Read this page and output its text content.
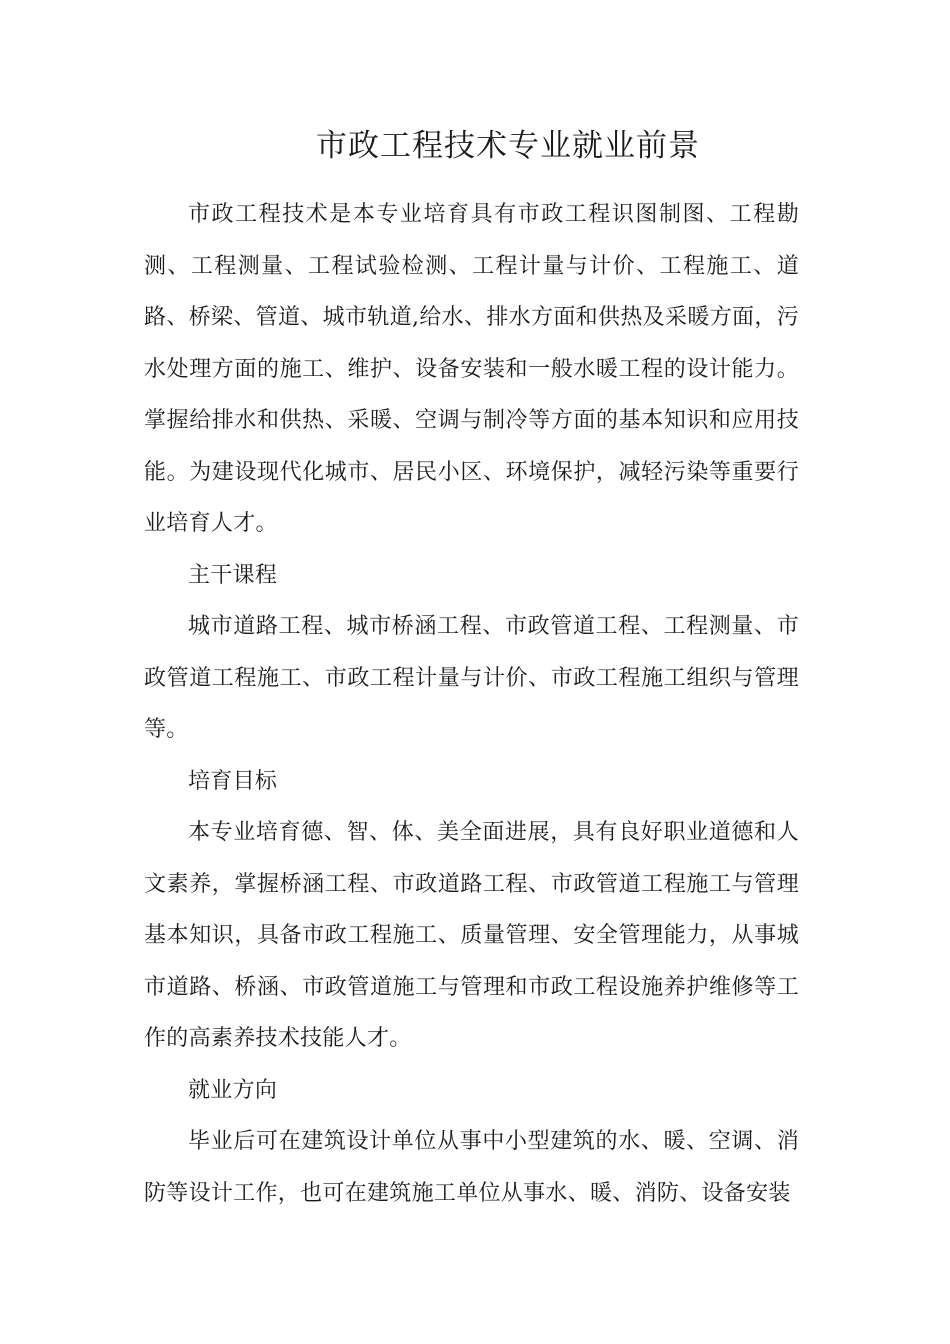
市政工程技术专业就业前景

市政工程技术是本专业培育具有市政工程识图制图、工程勘测、工程测量、工程试验检测、工程计量与计价、工程施工、道路、桥梁、管道、城市轨道,给水、排水方面和供热及采暖方面，污水处理方面的施工、维护、设备安装和一般水暖工程的设计能力。掌握给排水和供热、采暖、空调与制冷等方面的基本知识和应用技能。为建设现代化城市、居民小区、环境保护，减轻污染等重要行业培育人才。

主干课程

城市道路工程、城市桥涵工程、市政管道工程、工程测量、市政管道工程施工、市政工程计量与计价、市政工程施工组织与管理等。

培育目标

本专业培育德、智、体、美全面进展，具有良好职业道德和人文素养，掌握桥涵工程、市政道路工程、市政管道工程施工与管理基本知识，具备市政工程施工、质量管理、安全管理能力，从事城市道路、桥涵、市政管道施工与管理和市政工程设施养护维修等工作的高素养技术技能人才。

就业方向

毕业后可在建筑设计单位从事中小型建筑的水、暖、空调、消防等设计工作，也可在建筑施工单位从事水、暖、消防、设备安装
